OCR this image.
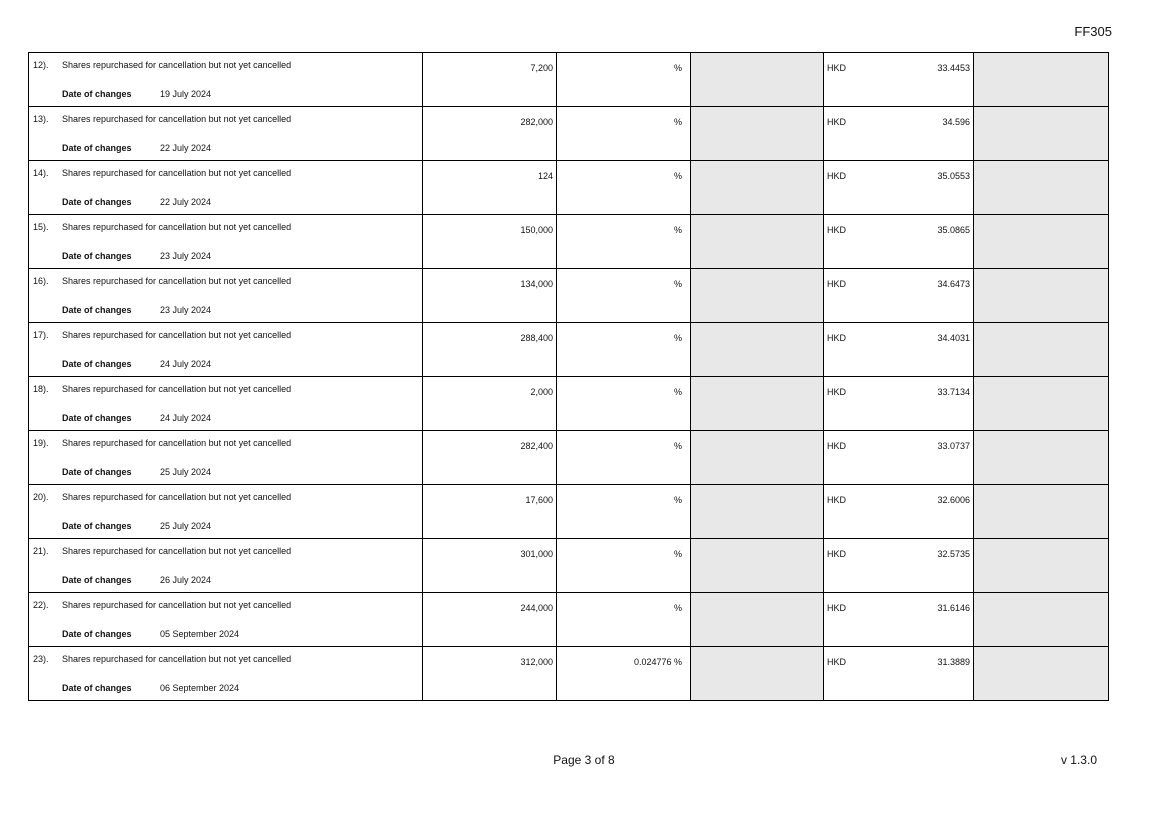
FF305
12). Shares repurchased for cancellation but not yet cancelled
Date of changes 19 July 2024	7,200	%		HKD 33.4453	

13). Shares repurchased for cancellation but not yet cancelled
Date of changes 22 July 2024	282,000	%		HKD 34.596	

14). Shares repurchased for cancellation but not yet cancelled
Date of changes 22 July 2024	124	%		HKD 35.0553	

15). Shares repurchased for cancellation but not yet cancelled
Date of changes 23 July 2024	150,000	%		HKD 35.0865	

16). Shares repurchased for cancellation but not yet cancelled
Date of changes 23 July 2024	134,000	%		HKD 34.6473	

17). Shares repurchased for cancellation but not yet cancelled
Date of changes 24 July 2024	288,400	%		HKD 34.4031	

18). Shares repurchased for cancellation but not yet cancelled
Date of changes 24 July 2024	2,000	%		HKD 33.7134	

19). Shares repurchased for cancellation but not yet cancelled
Date of changes 25 July 2024	282,400	%		HKD 33.0737	

20). Shares repurchased for cancellation but not yet cancelled
Date of changes 25 July 2024	17,600	%		HKD 32.6006	

21). Shares repurchased for cancellation but not yet cancelled
Date of changes 26 July 2024	301,000	%		HKD 32.5735	

22). Shares repurchased for cancellation but not yet cancelled
Date of changes 05 September 2024	244,000	%		HKD 31.6146	

23). Shares repurchased for cancellation but not yet cancelled
Date of changes 06 September 2024	312,000	0.024776 %		HKD 31.3889	

Page 3 of 8	v 1.3.0
